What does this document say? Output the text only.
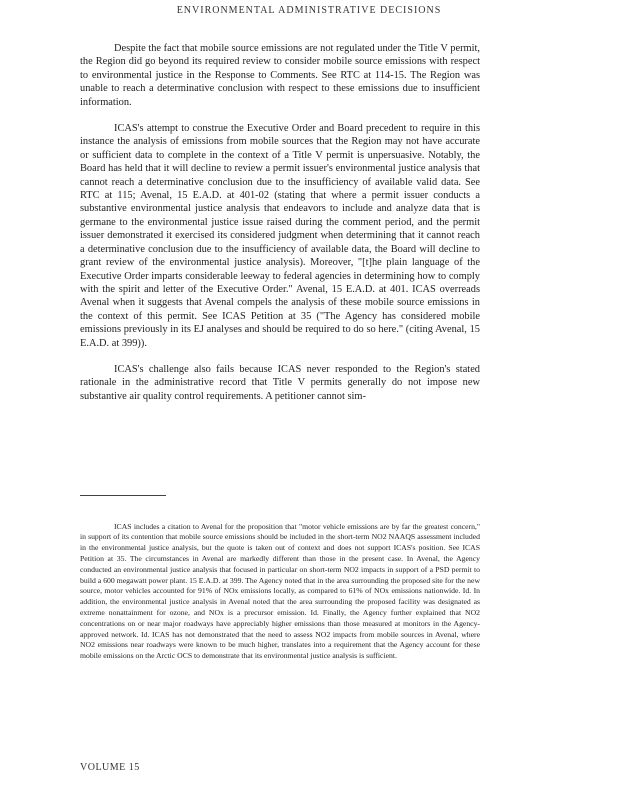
ENVIRONMENTAL ADMINISTRATIVE DECISIONS

Despite the fact that mobile source emissions are not regulated under the Title V permit, the Region did go beyond its required review to consider mobile source emissions with respect to environmental justice in the Response to Comments. See RTC at 114-15. The Region was unable to reach a determinative conclusion with respect to these emissions due to insufficient information.

ICAS's attempt to construe the Executive Order and Board precedent to require in this instance the analysis of emissions from mobile sources that the Region may not have accurate or sufficient data to complete in the context of a Title V permit is unpersuasive. Notably, the Board has held that it will decline to review a permit issuer's environmental justice analysis that cannot reach a determinative conclusion due to the insufficiency of available valid data. See RTC at 115; Avenal, 15 E.A.D. at 401-02 (stating that where a permit issuer conducts a substantive environmental justice analysis that endeavors to include and analyze data that is germane to the environmental justice issue raised during the comment period, and the permit issuer demonstrated it exercised its considered judgment when determining that it cannot reach a determinative conclusion due to the insufficiency of available data, the Board will decline to grant review of the environmental justice analysis). Moreover, "[t]he plain language of the Executive Order imparts considerable leeway to federal agencies in determining how to comply with the spirit and letter of the Executive Order." Avenal, 15 E.A.D. at 401. ICAS overreads Avenal when it suggests that Avenal compels the analysis of these mobile source emissions in the context of this permit. See ICAS Petition at 35 ("The Agency has considered mobile emissions previously in its EJ analyses and should be required to do so here." (citing Avenal, 15 E.A.D. at 399)).

ICAS's challenge also fails because ICAS never responded to the Region's stated rationale in the administrative record that Title V permits generally do not impose new substantive air quality control requirements. A petitioner cannot sim-

ICAS includes a citation to Avenal for the proposition that "motor vehicle emissions are by far the greatest concern," in support of its contention that mobile source emissions should be included in the short-term NO2 NAAQS assessment included in the environmental justice analysis, but the quote is taken out of context and does not support ICAS's position. See ICAS Petition at 35. The circumstances in Avenal are markedly different than those in the present case. In Avenal, the Agency conducted an environmental justice analysis that focused in particular on short-term NO2 impacts in support of a PSD permit to build a 600 megawatt power plant. 15 E.A.D. at 399. The Agency noted that in the area surrounding the proposed site for the new source, motor vehicles accounted for 91% of NOx emissions locally, as compared to 61% of NOx emissions nationwide. Id. In addition, the environmental justice analysis in Avenal noted that the area surrounding the proposed facility was designated as extreme nonattainment for ozone, and NOx is a precursor emission. Id. Finally, the Agency further explained that NO2 concentrations on or near major roadways have appreciably higher emissions than those measured at monitors in the Agency-approved network. Id. ICAS has not demonstrated that the need to assess NO2 impacts from mobile sources in Avenal, where NO2 emissions near roadways were known to be much higher, translates into a requirement that the Agency account for these mobile emissions on the Arctic OCS to demonstrate that its environmental justice analysis is sufficient.

VOLUME 15
